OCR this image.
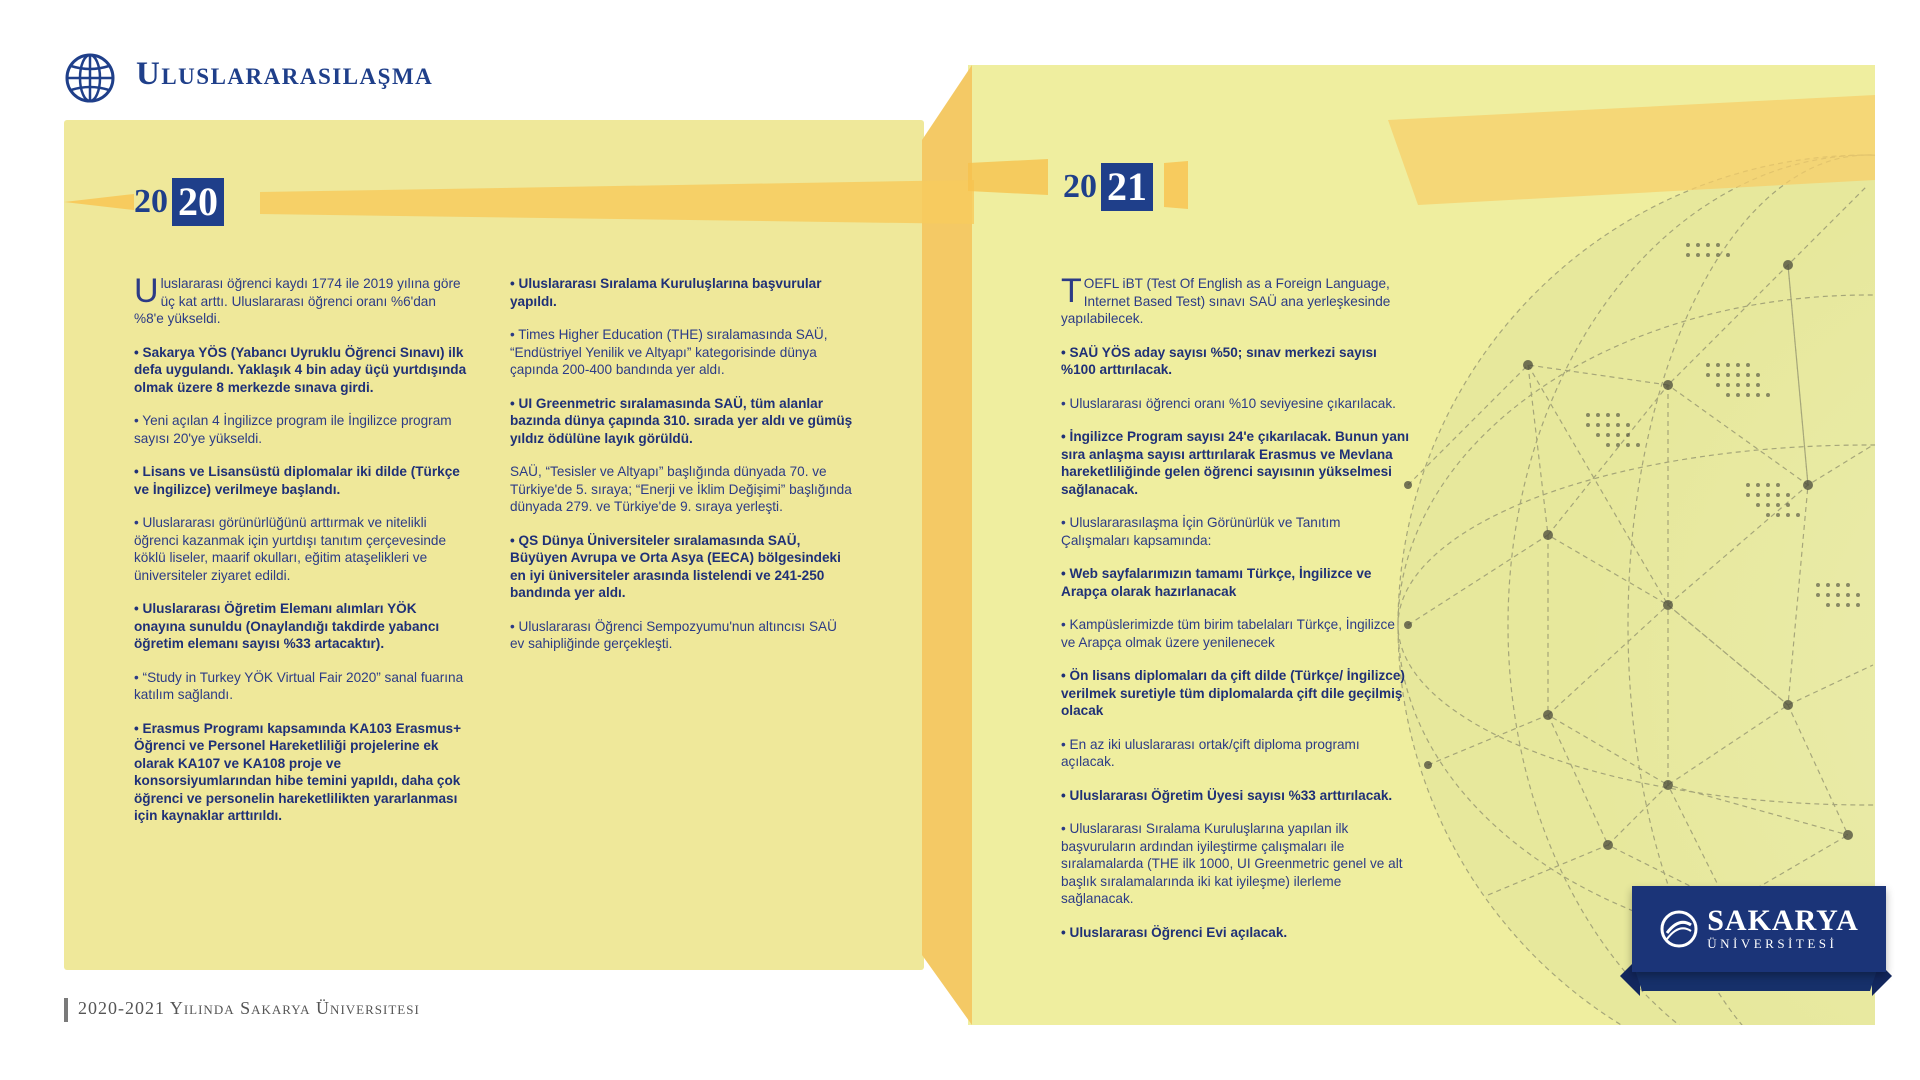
Uluslararasılaşma
20 20	20 21

Uluslararası öğrenci kaydı 1774 ile 2019 yılına göre üç kat arttı. Uluslararası öğrenci oranı %6'dan %8'e yükseldi.

• Sakarya YÖS (Yabancı Uyruklu Öğrenci Sınavı) ilk defa uygulandı. Yaklaşık 4 bin aday üçü yurtdışında olmak üzere 8 merkezde sınava girdi.

• Yeni açılan 4 İngilizce program ile İngilizce program sayısı 20'ye yükseldi.

• Lisans ve Lisansüstü diplomalar iki dilde (Türkçe ve İngilizce) verilmeye başlandı.

• Uluslararası görünürlüğünü arttırmak ve nitelikli öğrenci kazanmak için yurtdışı tanıtım çerçevesinde köklü liseler, maarif okulları, eğitim ataşelikleri ve üniversiteler ziyaret edildi.

• Uluslararası Öğretim Elemanı alımları YÖK onayına sunuldu (Onaylandığı takdirde yabancı öğretim elemanı sayısı %33 artacaktır).

• “Study in Turkey YÖK Virtual Fair 2020” sanal fuarına katılım sağlandı.

• Erasmus Programı kapsamında KA103 Erasmus+ Öğrenci ve Personel Hareketliliği projelerine ek olarak KA107 ve KA108 proje ve konsorsiyumlarından hibe temini yapıldı, daha çok öğrenci ve personelin hareketlilikten yararlanması için kaynaklar arttırıldı.

• Uluslararası Sıralama Kuruluşlarına başvurular yapıldı.

• Times Higher Education (THE) sıralamasında SAÜ, “Endüstriyel Yenilik ve Altyapı” kategorisinde dünya çapında 200-400 bandında yer aldı.

• UI Greenmetric sıralamasında SAÜ, tüm alanlar bazında dünya çapında 310. sırada yer aldı ve gümüş yıldız ödülüne layık görüldü.

SAÜ, “Tesisler ve Altyapı” başlığında dünyada 70. ve Türkiye'de 5. sıraya; “Enerji ve İklim Değişimi” başlığında dünyada 279. ve Türkiye'de 9. sıraya yerleşti.

• QS Dünya Üniversiteler sıralamasında SAÜ, Büyüyen Avrupa ve Orta Asya (EECA) bölgesindeki en iyi üniversiteler arasında listelendi ve 241-250 bandında yer aldı.

• Uluslararası Öğrenci Sempozyumu'nun altıncısı SAÜ ev sahipliğinde gerçekleşti.

TOEFL iBT (Test Of English as a Foreign Language, Internet Based Test) sınavı SAÜ ana yerleşkesinde yapılabilecek.

• SAÜ YÖS aday sayısı %50; sınav merkezi sayısı %100 arttırılacak.

• Uluslararası öğrenci oranı %10 seviyesine çıkarılacak.

• İngilizce Program sayısı 24'e çıkarılacak. Bunun yanı sıra anlaşma sayısı arttırılarak Erasmus ve Mevlana hareketliliğinde gelen öğrenci sayısının yükselmesi sağlanacak.

• Uluslararasılaşma İçin Görünürlük ve Tanıtım Çalışmaları kapsamında:

• Web sayfalarımızın tamamı Türkçe, İngilizce ve Arapça olarak hazırlanacak

• Kampüslerimizde tüm birim tabelaları Türkçe, İngilizce ve Arapça olmak üzere yenilenecek

• Ön lisans diplomaları da çift dilde (Türkçe/ İngilizce) verilmek suretiyle tüm diplomalarda çift dile geçilmiş olacak

• En az iki uluslararası ortak/çift diploma programı açılacak.

• Uluslararası Öğretim Üyesi sayısı %33 arttırılacak.

• Uluslararası Sıralama Kuruluşlarına yapılan ilk başvuruların ardından iyileştirme çalışmaları ile sıralamalarda (THE ilk 1000, UI Greenmetric genel ve alt başlık sıralamalarında iki kat iyileşme) ilerleme sağlanacak.

• Uluslararası Öğrenci Evi açılacak.	SAKARYA
ÜNİVERSİTESİ
2020-2021 Yılında Sakarya Üniversitesi
